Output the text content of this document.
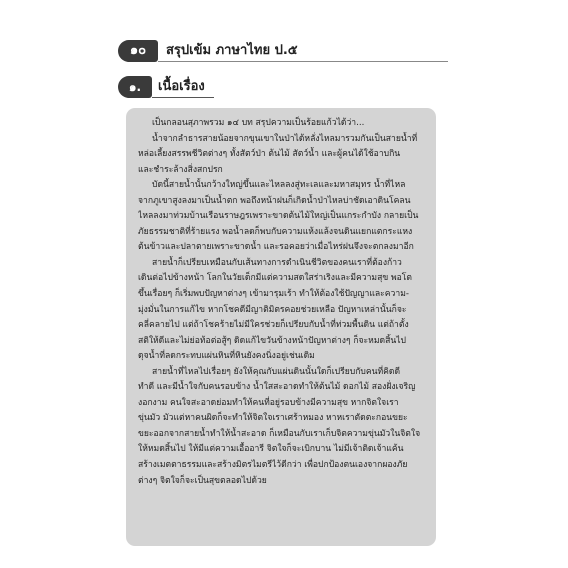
๑๐	สรุปเข้ม ภาษาไทย ป.๕
๑.	เนื้อเรื่อง
เป็นกลอนสุภาพรวม ๑๔ บท สรุปความเป็นร้อยแก้วได้ว่า...
น้ำจากลำธารสายน้อยจากขุนเขาในป่าได้หลั่งไหลมารวมกันเป็นสายน้ำที่
หล่อเลี้ยงสรรพชีวิตต่างๆ ทั้งสัตว์ป่า ต้นไม้ สัตว์น้ำ และผู้คนได้ใช้อาบกิน
และชำระล้างสิ่งสกปรก
บัดนี้สายน้ำนั้นกว้างใหญ่ขึ้นและไหลลงสู่ทะเลและมหาสมุทร น้ำที่ไหล
จากภูเขาสูงลงมาเป็นน้ำตก พอถึงหน้าฝนก็เกิดน้ำป่าไหลบ่าชัดเอาดินโคลน
ไหลลงมาท่วมบ้านเรือนราษฎรเพราะขาดต้นไม้ใหญ่เป็นแกระกำบัง กลายเป็น
ภัยธรรมชาติที่ร้ายแรง พอน้ำลดก็พบกับความแห้งแล้งจนดินแยกแตกระแหง
ต้นข้าวและปลาตายเพราะขาดน้ำ และรอคอยว่าเมื่อไหร่ฝนจึงจะตกลงมาอีก
สายน้ำก็เปรียบเหมือนกับเส้นทางการดำเนินชีวิตของคนเราที่ต้องก้าว
เดินต่อไปข้างหน้า โลกในวัยเด็กมีแต่ความสดใสร่าเริงและมีความสุข พอโต
ขึ้นเรื่อยๆ ก็เริ่มพบปัญหาต่างๆ เข้ามารุมเร้า ทำให้ต้องใช้ปัญญาและความ-
มุ่งมั่นในการแก้ไข หากโชคดีมีญาติมิตรคอยช่วยเหลือ ปัญหาเหล่านั้นก็จะ
คลี่คลายไป แต่ถ้าโชคร้ายไม่มีใครช่วยก็เปรียบกับน้ำที่ท่วมพื้นดิน แต่ถ้าตั้ง
สติให้ดีและไม่ย่อท้อต่อสู้ๆ ดิดแก้ไขวันข้างหน้าปัญหาต่างๆ ก็จะหมดสิ้นไป
ดุจน้ำที่ลดกระทบแผ่นหินที่หินยังคงนิ่งอยู่เช่นเดิม
สายน้ำที่ไหลไปเรื่อยๆ ยังให้คุณกับแผ่นดินนั้นใดก็เปรียบกับคนที่คิดดี
ทำดี และมีน้ำใจกับคนรอบข้าง น้ำใสสะอาดทำให้ต้นไม้ ดอกไม้ สองฝั่งเจริญ
งอกงาม คนใจสะอาดย่อมทำให้คนที่อยู่รอบข้างมีความสุข หากจิตใจเรา
ขุ่นมัว มัวแต่หาคนผิดก็จะทำให้จิตใจเราเศร้าหมอง หาหเราตัดตะกอนขยะ
ขยะออกจากสายน้ำทำให้น้ำสะอาด ก็เหมือนกับเราเก็บจิตความขุ่นมัวในจิตใจ
ให้หมดสิ้นไป ให้มีแต่ความเอื้ออารี จิตใจก็จะเบิกบาน ไม่มีเจ้าติดเจ้าแค้น
สร้างเมตตาธรรมและสร้างมิตรไมตรีไว้ดีกว่า เพื่อปกป้องตนเองจากผองภัย
ต่างๆ จิตใจก็จะเป็นสุขตลอดไปด้วย
